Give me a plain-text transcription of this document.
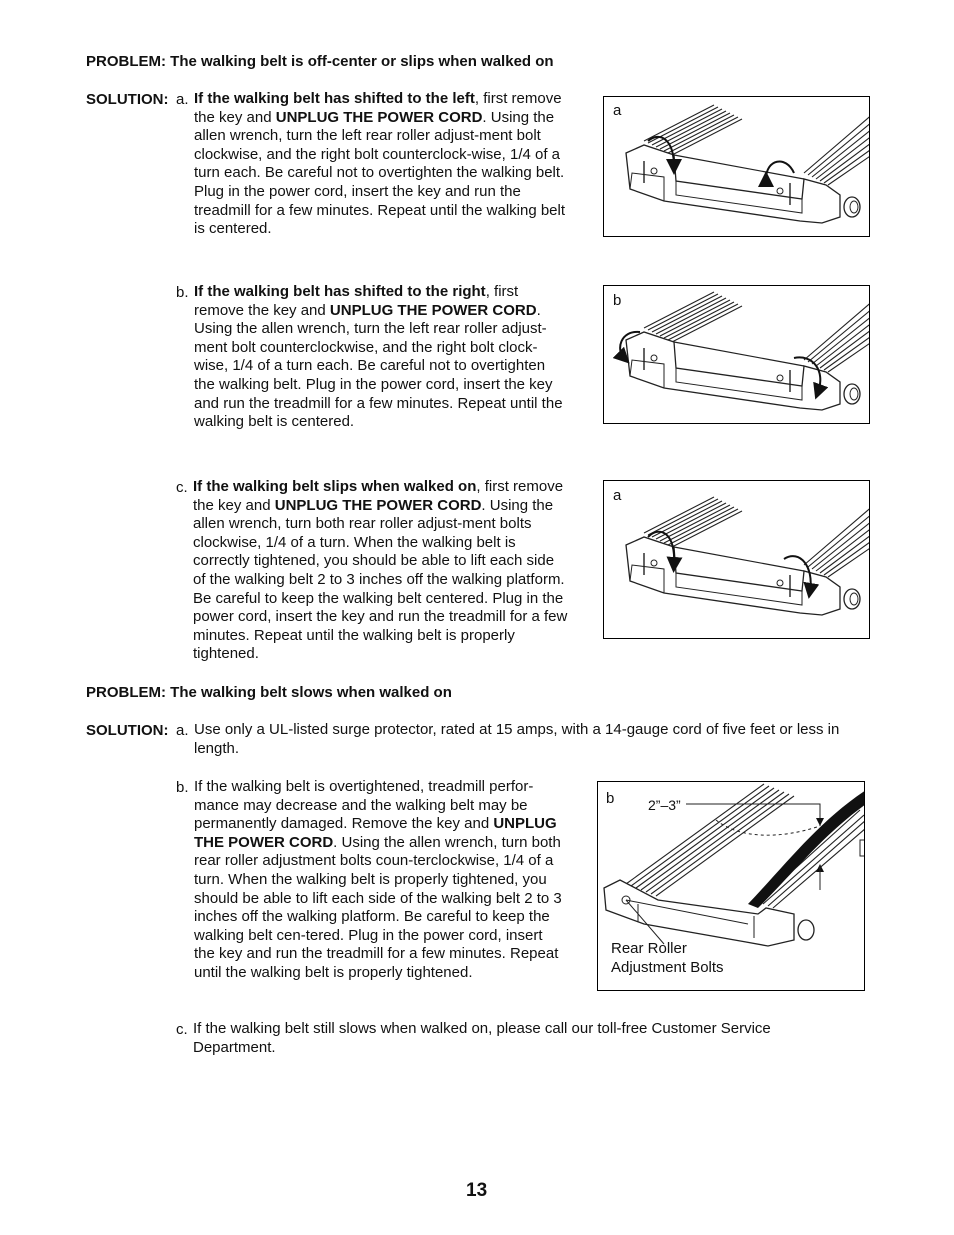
PROBLEM: The walking belt is off-center or slips when walked on
SOLUTION: a. If the walking belt has shifted to the left, first remove the key and UNPLUG THE POWER CORD. Using the allen wrench, turn the left rear roller adjust-ment bolt clockwise, and the right bolt counterclock-wise, 1/4 of a turn each. Be careful not to overtighten the walking belt. Plug in the power cord, insert the key and run the treadmill for a few minutes. Repeat until the walking belt is centered.
a
b. If the walking belt has shifted to the right, first remove the key and UNPLUG THE POWER CORD. Using the allen wrench, turn the left rear roller adjust-ment bolt counterclockwise, and the right bolt clock-wise, 1/4 of a turn each. Be careful not to overtighten the walking belt. Plug in the power cord, insert the key and run the treadmill for a few minutes. Repeat until the walking belt is centered.
b
c. If the walking belt slips when walked on, first remove the key and UNPLUG THE POWER CORD. Using the allen wrench, turn both rear roller adjust-ment bolts clockwise, 1/4 of a turn. When the walking belt is correctly tightened, you should be able to lift each side of the walking belt 2 to 3 inches off the walking platform. Be careful to keep the walking belt centered. Plug in the power cord, insert the key and run the treadmill for a few minutes. Repeat until the walking belt is properly tightened.
a
PROBLEM: The walking belt slows when walked on
SOLUTION: a. Use only a UL-listed surge protector, rated at 15 amps, with a 14-gauge cord of five feet or less in length.
b. If the walking belt is overtightened, treadmill perfor-mance may decrease and the walking belt may be permanently damaged. Remove the key and UNPLUG THE POWER CORD. Using the allen wrench, turn both rear roller adjustment bolts coun-terclockwise, 1/4 of a turn. When the walking belt is properly tightened, you should be able to lift each side of the walking belt 2 to 3 inches off the walking platform. Be careful to keep the walking belt cen-tered. Plug in the power cord, insert the key and run the treadmill for a few minutes. Repeat until the walking belt is properly tightened.
b 2”–3”
Rear Roller
Adjustment Bolts
c. If the walking belt still slows when walked on, please call our toll-free Customer Service Department.
13
